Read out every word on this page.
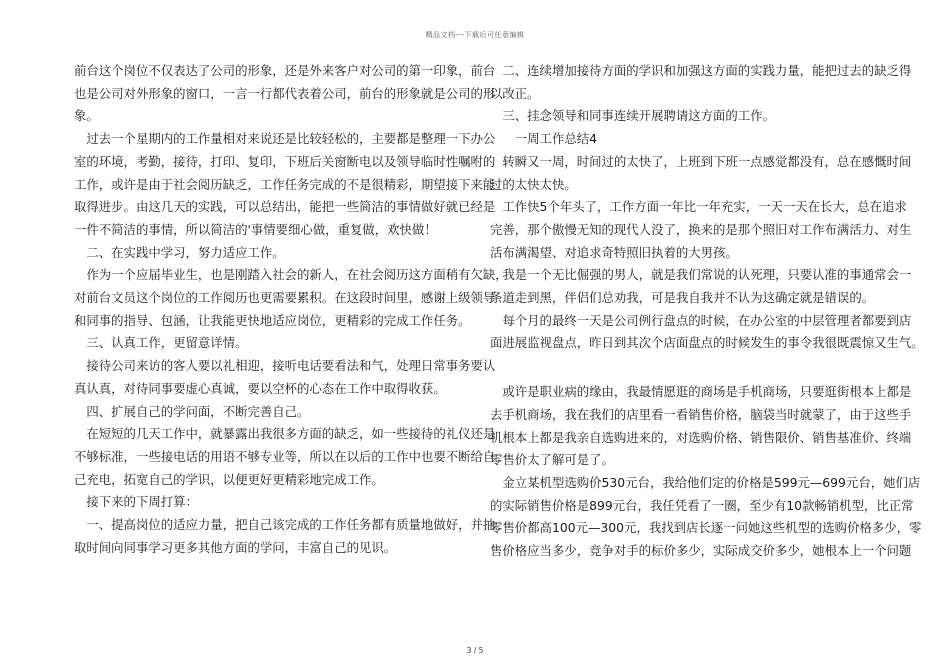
精品文档---下载后可任意编辑

前台这个岗位不仅表达了公司的形象，还是外来客户对公司的第一印象，前台

也是公司对外形象的窗口，一言一行都代表着公司，前台的形象就是公司的形

象。

　过去一个星期内的工作量相对来说还是比较轻松的，主要都是整理一下办公

室的环境，考勤，接待，打印、复印，下班后关窗断电以及领导临时性嘱咐的

工作，或许是由于社会阅历缺乏，工作任务完成的不是很精彩，期望接下来能

取得进步。由这几天的实践，可以总结出，能把一些简洁的事情做好就已经是

一件不简洁的事情，所以简洁的'事情要细心做，重复做，欢快做！

　二、在实践中学习，努力适应工作。

　作为一个应届毕业生，也是刚踏入社会的新人，在社会阅历这方面稍有欠缺，

对前台文员这个岗位的工作阅历也更需要累积。在这段时间里，感谢上级领导

和同事的指导、包涵，让我能更快地适应岗位，更精彩的完成工作任务。

　三、认真工作，更留意详情。

　接待公司来访的客人要以礼相迎，接听电话要看法和气，处理日常事务要认

真认真，对待同事要虚心真诚，要以空杯的心态在工作中取得收获。

　四、扩展自己的学问面，不断完善自己。

　在短短的几天工作中，就暴露出我很多方面的缺乏，如一些接待的礼仪还是

不够标准，一些接电话的用语不够专业等，所以在以后的工作中也要不断给自

己充电，拓宽自己的学识，以便更好更精彩地完成工作。

　接下来的下周打算：

　一、提高岗位的适应力量，把自己该完成的工作任务都有质量地做好，并抽

取时间向同事学习更多其他方面的学问，丰富自己的见识。

　二、连续增加接待方面的学识和加强这方面的实践力量，能把过去的缺乏得

以改正。

　三、挂念领导和同事连续开展聘请这方面的工作。

　　一周工作总结4

　转瞬又一周，时间过的太快了，上班到下班一点感觉都没有，总在感慨时间

过的太快太快。

　工作快5个年头了，工作方面一年比一年充实，一天一天在长大，总在追求

完善，那个傲慢无知的现代人没了，换来的是那个照旧对工作布满活力、对生

活布满渴望、对追求奇特照旧执着的大男孩。

　我是一个无比倔强的男人，就是我们常说的认死理，只要认准的事通常会一

条道走到黑，伴侣们总劝我，可是我自我并不认为这确定就是错误的。

　每个月的最终一天是公司例行盘点的时候，在办公室的中层管理者都要到店

面进展监视盘点，昨日到其次个店面盘点的时候发生的事令我很既震惊又生气。

　或许是职业病的缘由，我最情愿逛的商场是手机商场，只要逛街根本上都是

去手机商场，我在我们的店里看一看销售价格，脑袋当时就蒙了，由于这些手

机根本上都是我亲自选购进来的，对选购价格、销售限价、销售基准价、终端

零售价太了解可是了。

　金立某机型选购价530元台，我给他们定的价格是599元—699元台，她们店

的实际销售价格是899元台，我任凭看了一圈，至少有10款畅销机型，比正常

零售价都高100元—300元，我找到店长逐一问她这些机型的选购价格多少，零

售价格应当多少，竞争对手的标价多少，实际成交价多少，她根本上一个问题

3 / 5
